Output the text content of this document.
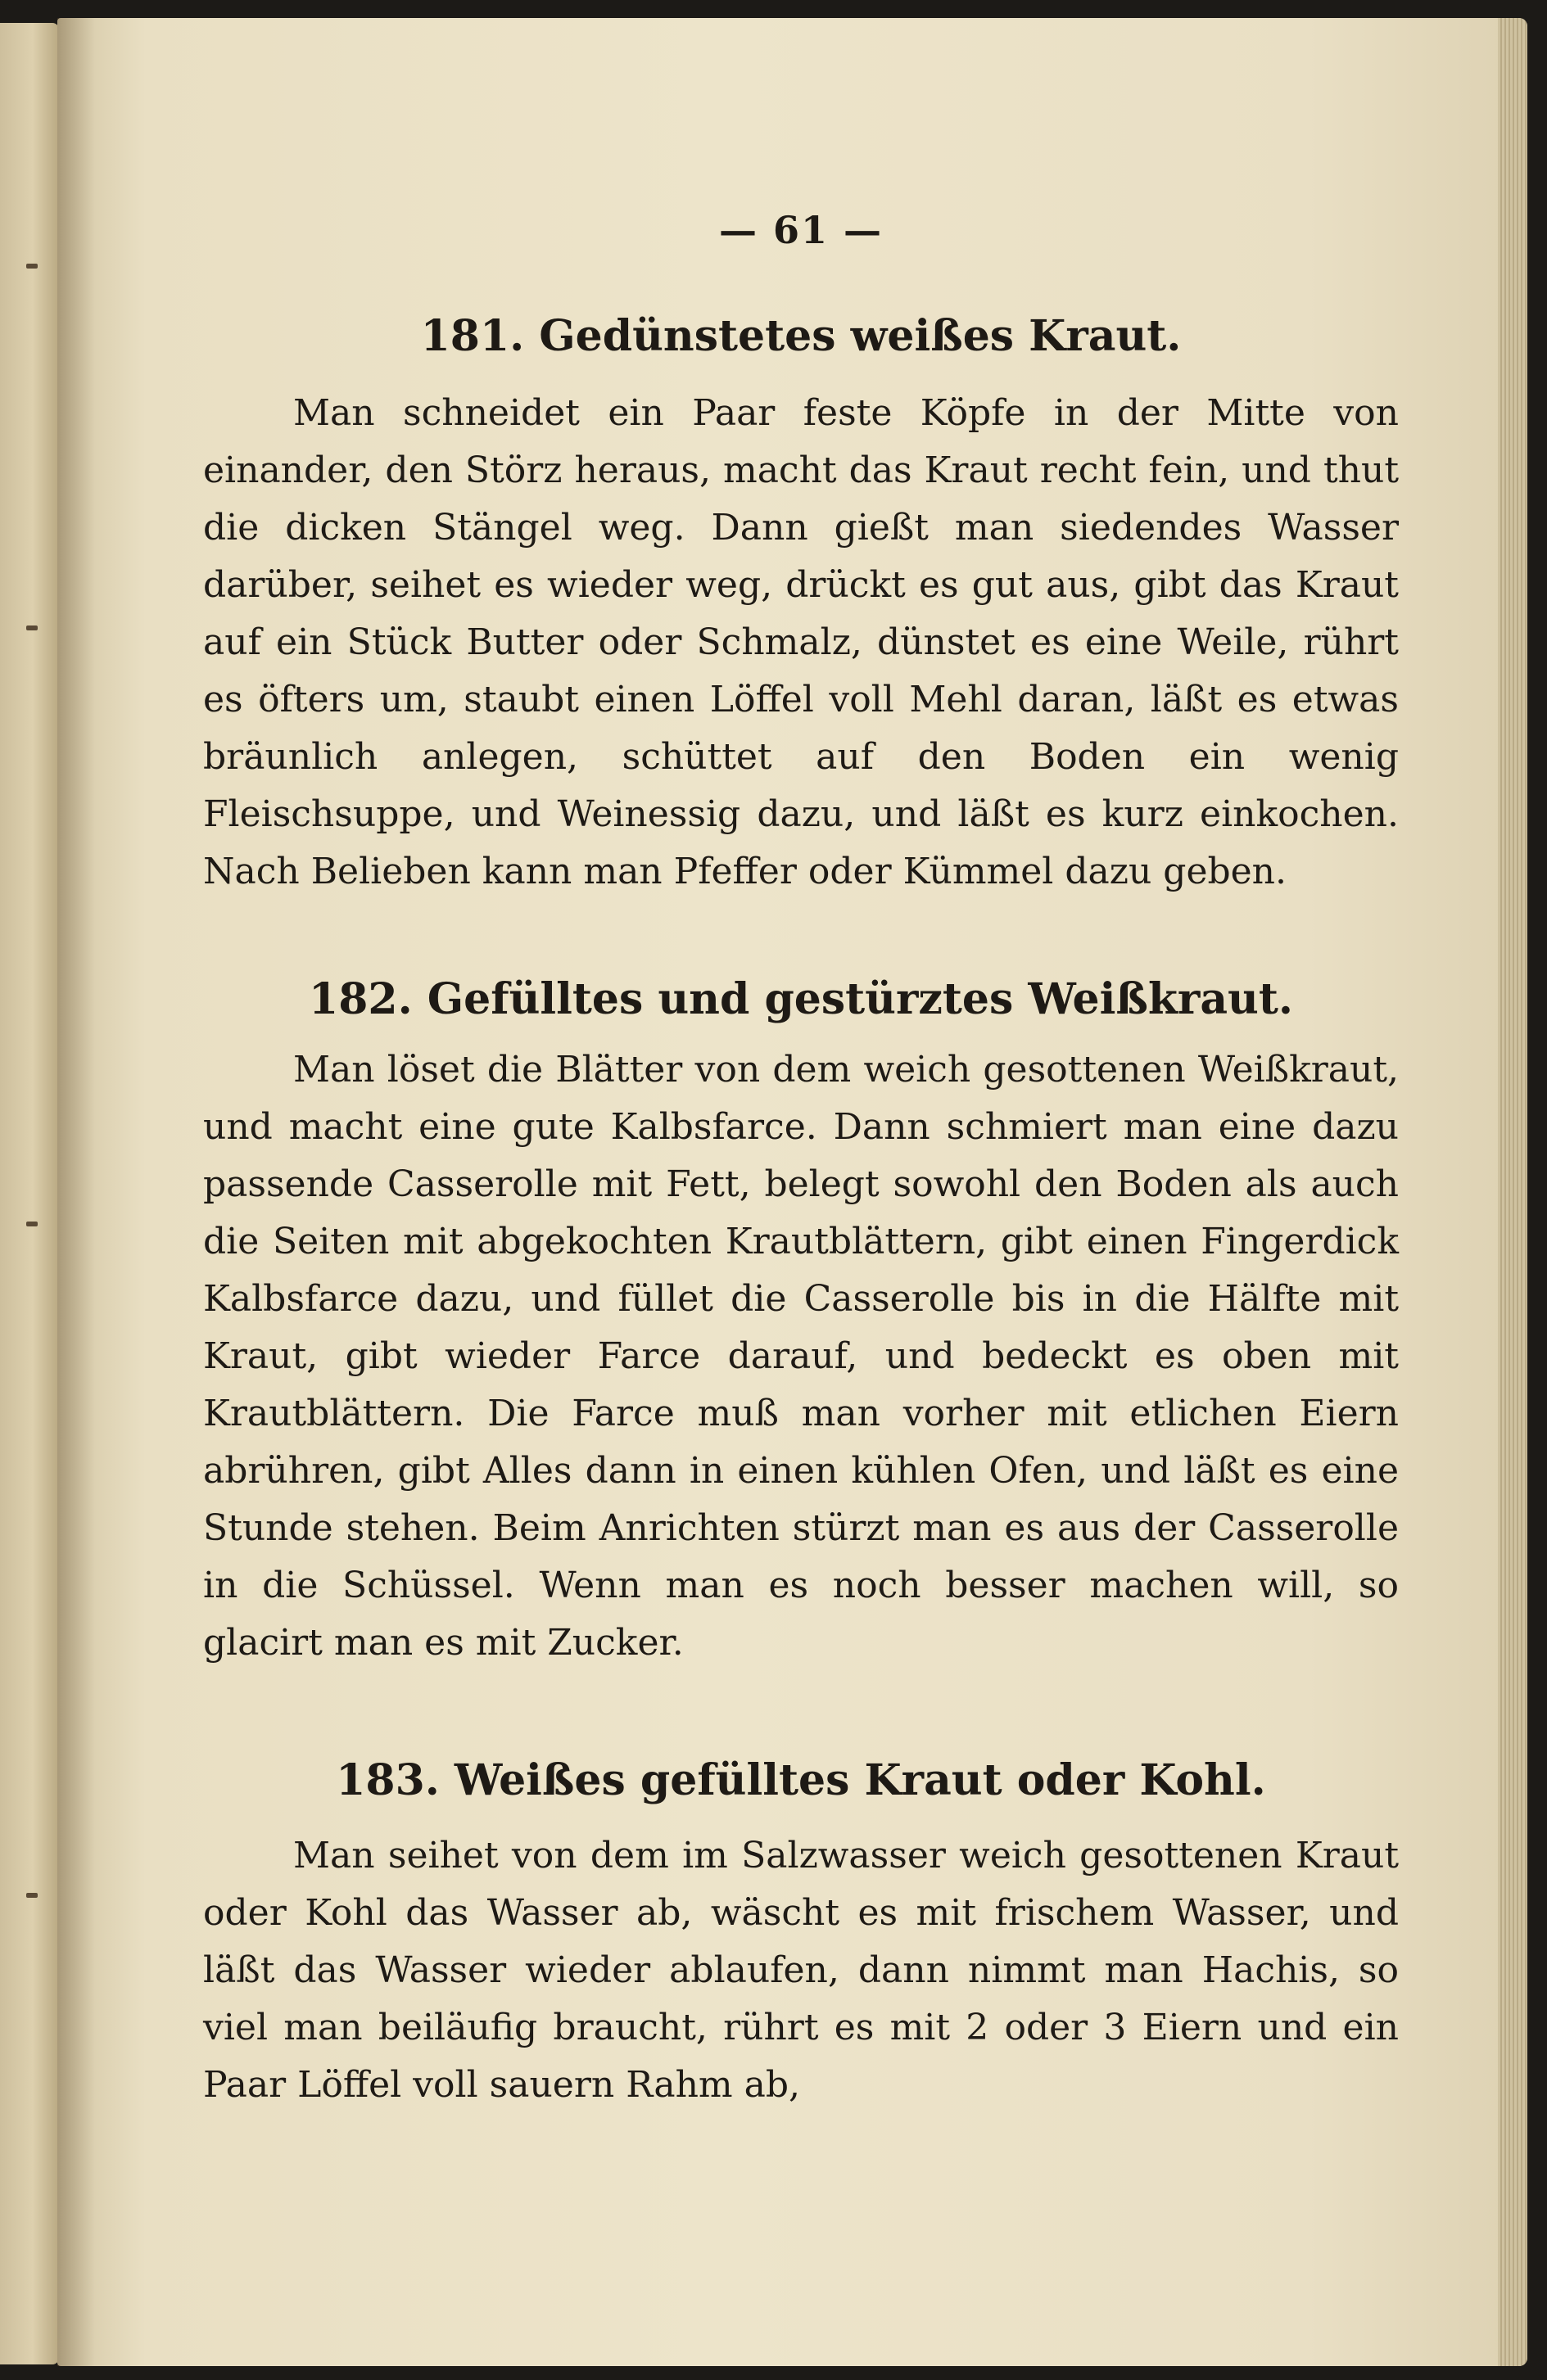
— 61 —
181. Gedünstetes weißes Kraut.
Man schneidet ein Paar feste Köpfe in der Mitte von einander, den Störz heraus, macht das Kraut recht fein, und thut die dicken Stängel weg. Dann gießt man siedendes Wasser darüber, seihet es wieder weg, drückt es gut aus, gibt das Kraut auf ein Stück Butter oder Schmalz, dünstet es eine Weile, rührt es öfters um, staubt einen Löffel voll Mehl daran, läßt es etwas bräunlich anlegen, schüttet auf den Boden ein wenig Fleischsuppe, und Weinessig dazu, und läßt es kurz einkochen. Nach Belieben kann man Pfeffer oder Kümmel dazu geben.
182. Gefülltes und gestürztes Weißkraut.
Man löset die Blätter von dem weich gesottenen Weißkraut, und macht eine gute Kalbsfarce. Dann schmiert man eine dazu passende Casserolle mit Fett, belegt sowohl den Boden als auch die Seiten mit abgekochten Krautblättern, gibt einen Fingerdick Kalbsfarce dazu, und füllet die Casserolle bis in die Hälfte mit Kraut, gibt wieder Farce darauf, und bedeckt es oben mit Krautblättern. Die Farce muß man vorher mit etlichen Eiern abrühren, gibt Alles dann in einen kühlen Ofen, und läßt es eine Stunde stehen. Beim Anrichten stürzt man es aus der Casserolle in die Schüssel. Wenn man es noch besser machen will, so glacirt man es mit Zucker.
183. Weißes gefülltes Kraut oder Kohl.
Man seihet von dem im Salzwasser weich gesottenen Kraut oder Kohl das Wasser ab, wäscht es mit frischem Wasser, und läßt das Wasser wieder ablaufen, dann nimmt man Hachis, so viel man beiläufig braucht, rührt es mit 2 oder 3 Eiern und ein Paar Löffel voll sauern Rahm ab,
